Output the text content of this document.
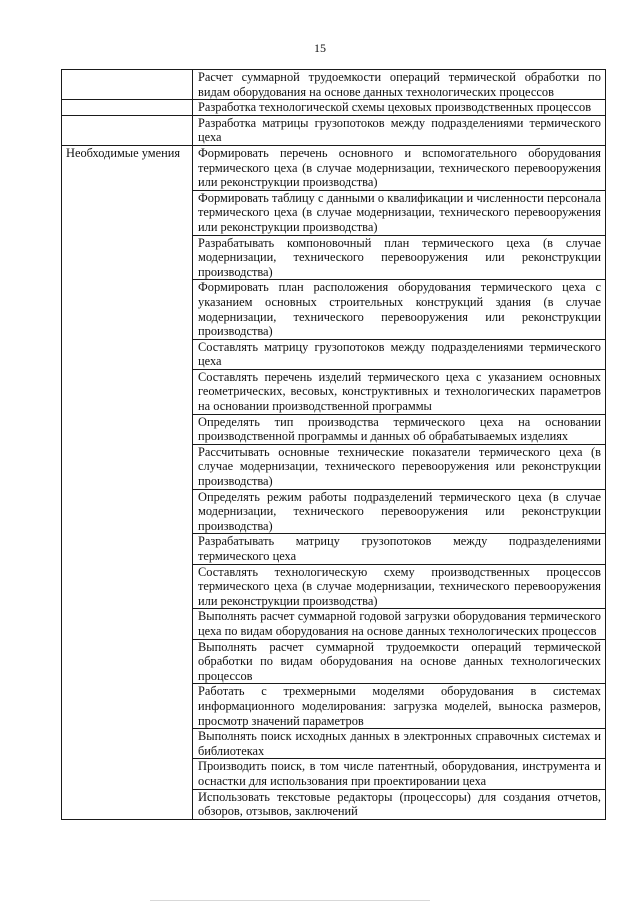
15
	Расчет суммарной трудоемкости операций термической обработки по видам оборудования на основе данных технологических процессов
	Разработка технологической схемы цеховых производственных процессов
	Разработка матрицы грузопотоков между подразделениями термического цеха
Необходимые умения	Формировать перечень основного и вспомогательного оборудования термического цеха (в случае модернизации, технического перевооружения или реконструкции производства)
	Формировать таблицу с данными о квалификации и численности персонала термического цеха (в случае модернизации, технического перевооружения или реконструкции производства)
	Разрабатывать компоновочный план термического цеха (в случае модернизации, технического перевооружения или реконструкции производства)
	Формировать план расположения оборудования термического цеха с указанием основных строительных конструкций здания (в случае модернизации, технического перевооружения или реконструкции производства)
	Составлять матрицу грузопотоков между подразделениями термического цеха
	Составлять перечень изделий термического цеха с указанием основных геометрических, весовых, конструктивных и технологических параметров на основании производственной программы
	Определять тип производства термического цеха на основании производственной программы и данных об обрабатываемых изделиях
	Рассчитывать основные технические показатели термического цеха (в случае модернизации, технического перевооружения или реконструкции производства)
	Определять режим работы подразделений термического цеха (в случае модернизации, технического перевооружения или реконструкции производства)
	Разрабатывать матрицу грузопотоков между подразделениями термического цеха
	Составлять технологическую схему производственных процессов термического цеха (в случае модернизации, технического перевооружения или реконструкции производства)
	Выполнять расчет суммарной годовой загрузки оборудования термического цеха по видам оборудования на основе данных технологических процессов
	Выполнять расчет суммарной трудоемкости операций термической обработки по видам оборудования на основе данных технологических процессов
	Работать с трехмерными моделями оборудования в системах информационного моделирования: загрузка моделей, выноска размеров, просмотр значений параметров
	Выполнять поиск исходных данных в электронных справочных системах и библиотеках
	Производить поиск, в том числе патентный, оборудования, инструмента и оснастки для использования при проектировании цеха
	Использовать текстовые редакторы (процессоры) для создания отчетов, обзоров, отзывов, заключений
